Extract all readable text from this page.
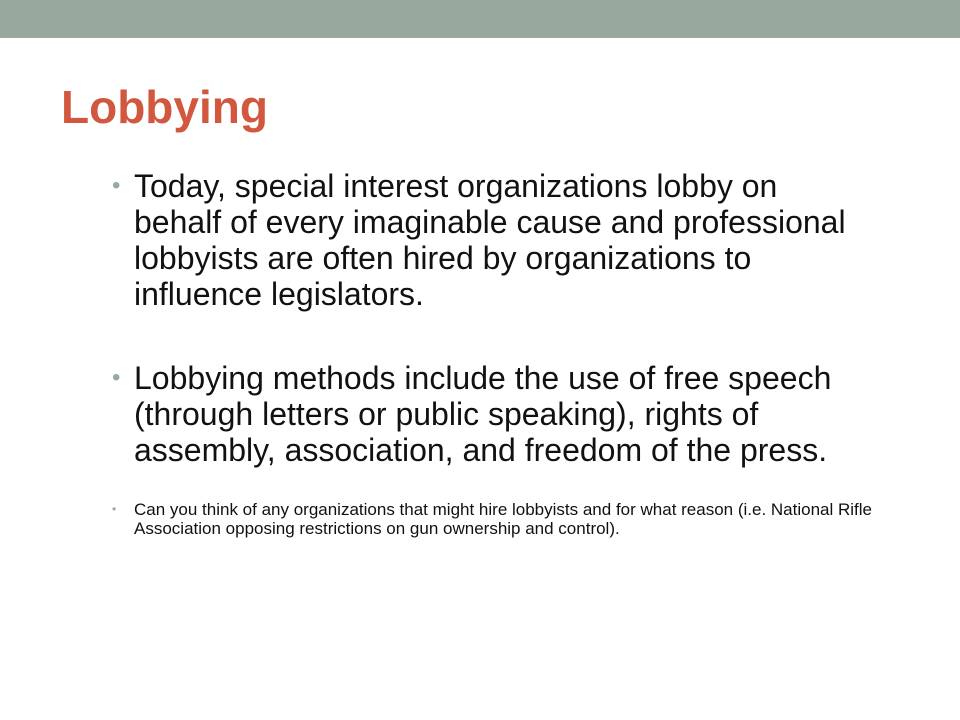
Lobbying
• Today, special interest organizations lobby on behalf of every imaginable cause and professional lobbyists are often hired by organizations to influence legislators.
• Lobbying methods include the use of free speech (through letters or public speaking), rights of assembly, association, and freedom of the press.
• Can you think of any organizations that might hire lobbyists and for what reason (i.e. National Rifle Association opposing restrictions on gun ownership and control).
